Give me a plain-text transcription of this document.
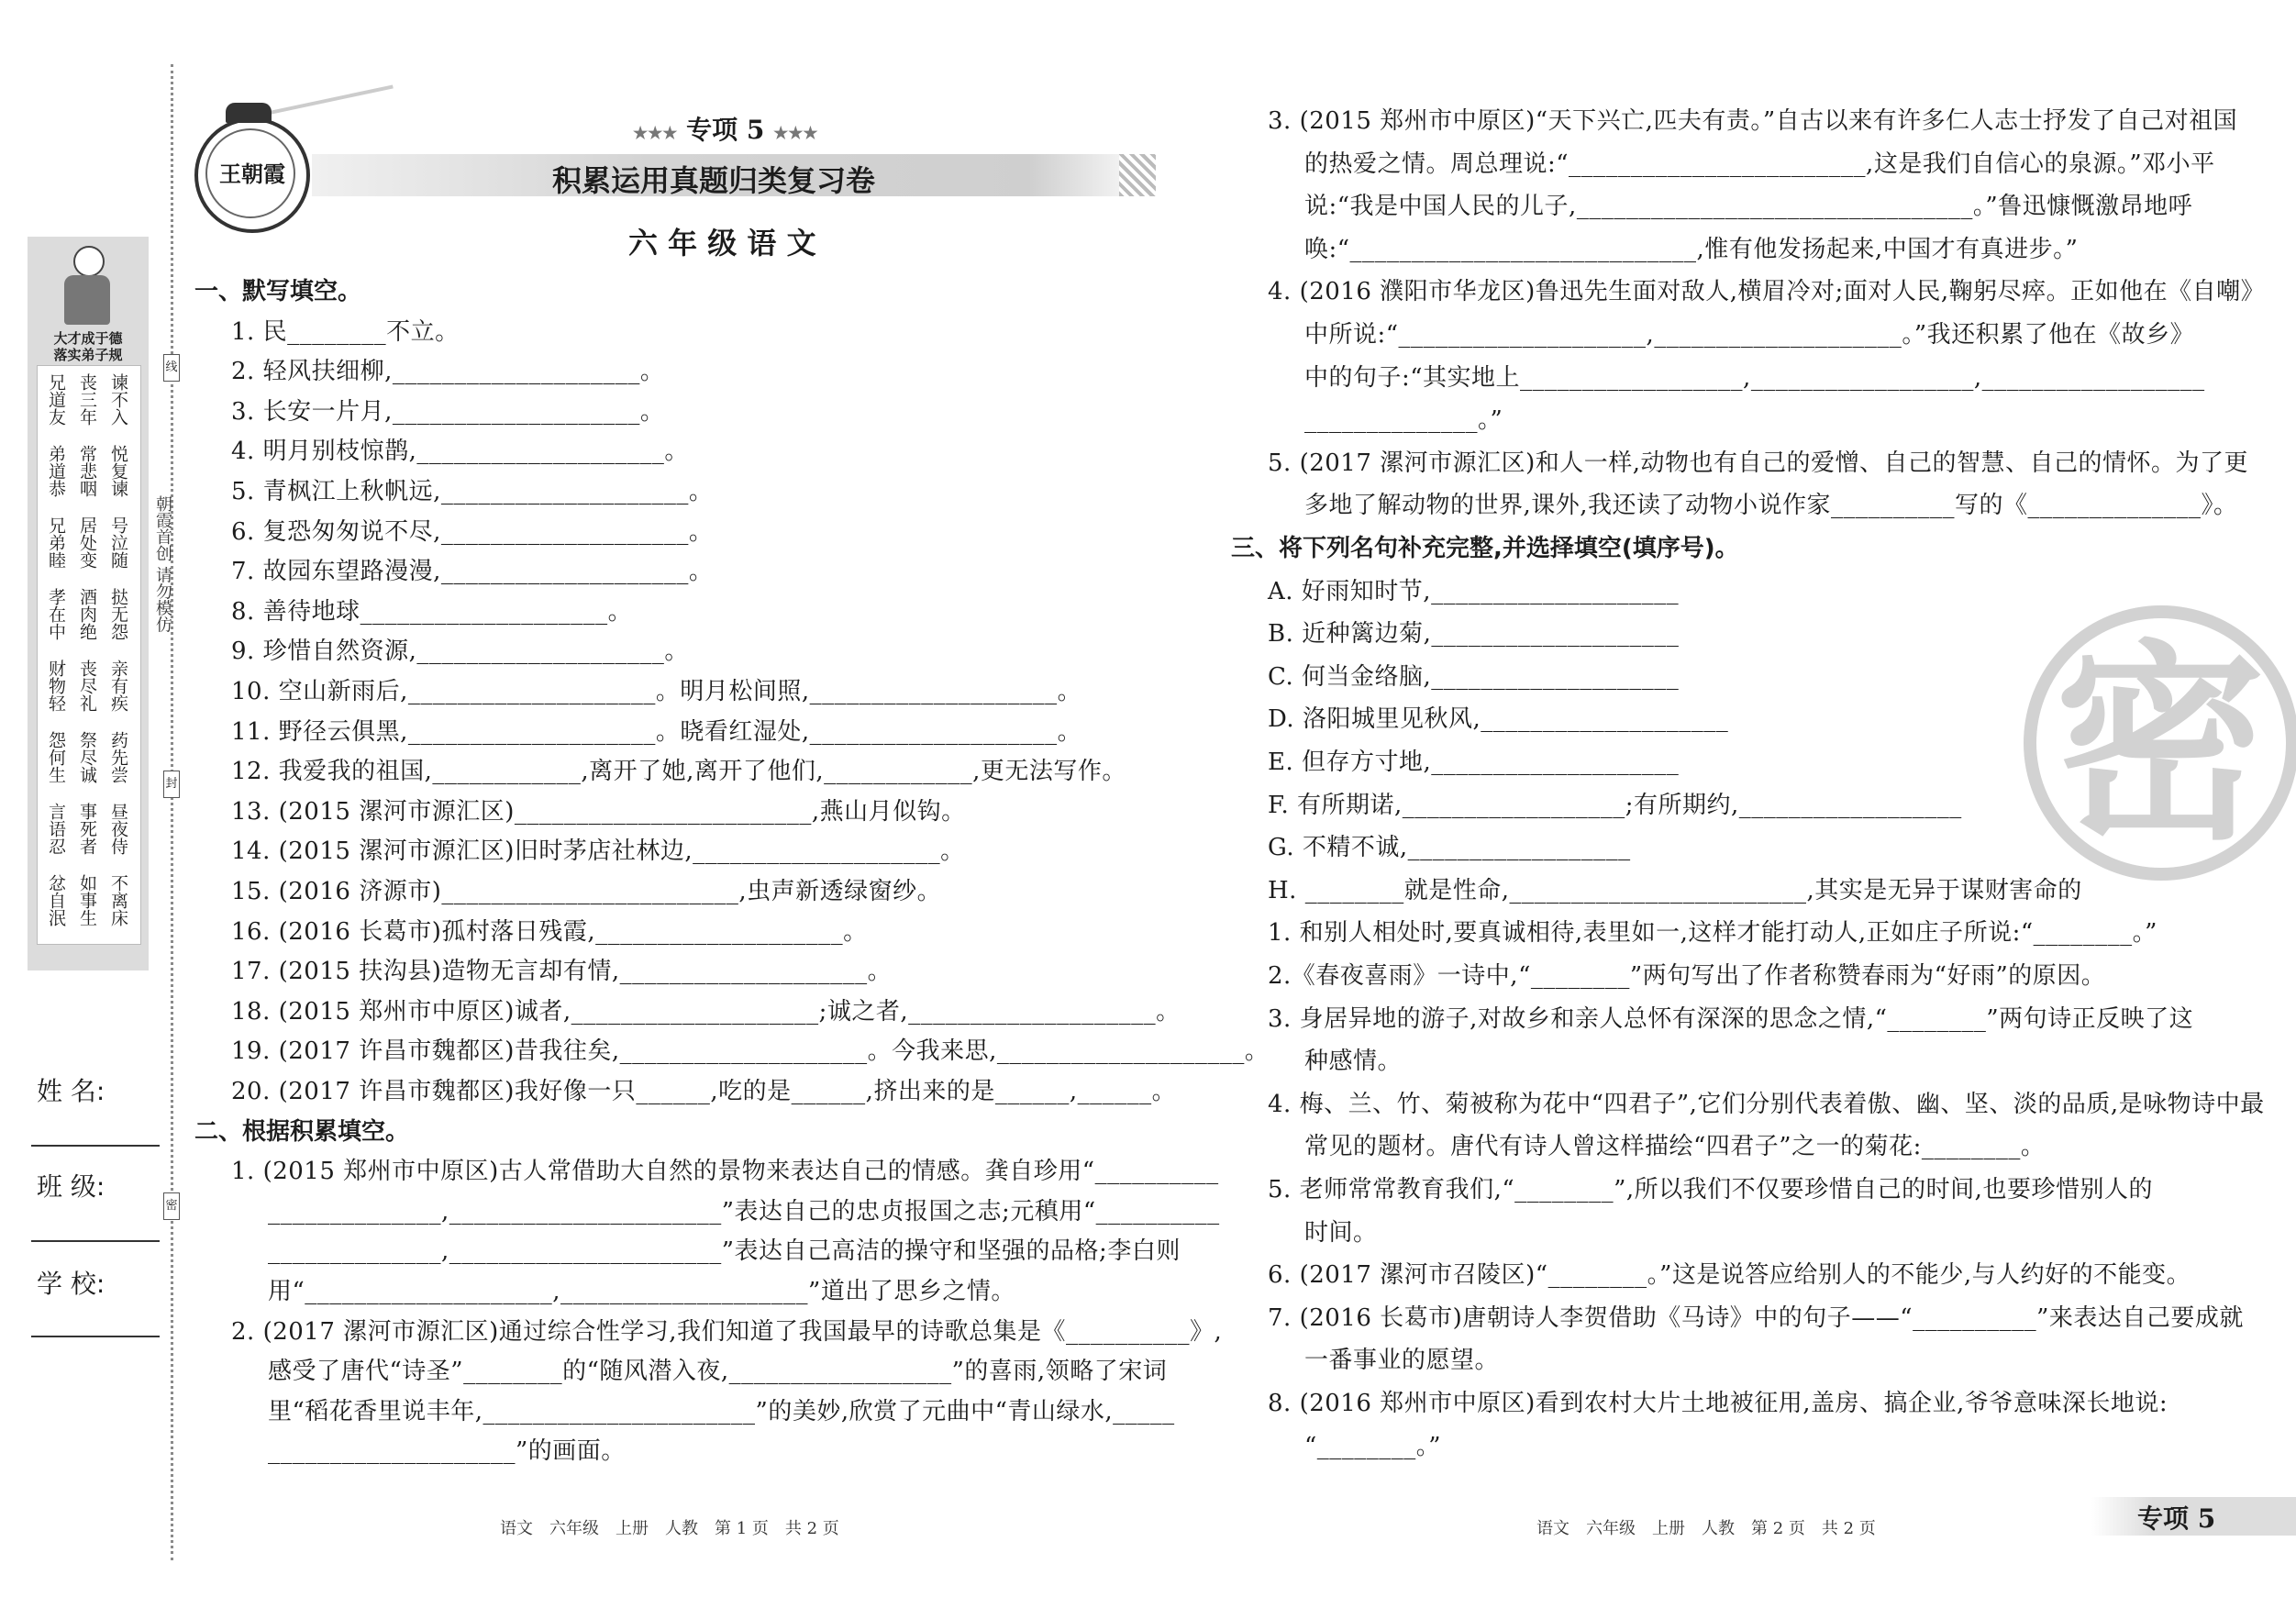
王朝霞
★★★ 专项 5 ★★★
积累运用真题归类复习卷
六 年 级 语 文
大才成于德
落实弟子规
兄道友 丧三年 谏不入
弟道恭 常悲咽 悦复谏
兄弟睦 居处变 号泣随
孝在中 酒肉绝 挞无怨
财物轻 丧尽礼 亲有疾
怨何生 祭尽诚 药先尝
言语忍 事死者 昼夜侍
忿自泯 如事生 不离床
朝霞首创 请勿模仿
线
封
密
姓 名:
班 级:
学 校:
一、默写填空。
1. 民________不立。
2. 轻风扶细柳,____________________。
3. 长安一片月,____________________。
4. 明月别枝惊鹊,____________________。
5. 青枫江上秋帆远,____________________。
6. 复恐匆匆说不尽,____________________。
7. 故园东望路漫漫,____________________。
8. 善待地球____________________。
9. 珍惜自然资源,____________________。
10. 空山新雨后,____________________。明月松间照,____________________。
11. 野径云俱黑,____________________。晓看红湿处,____________________。
12. 我爱我的祖国,____________,离开了她,离开了他们,____________,更无法写作。
13. (2015 漯河市源汇区)________________________,燕山月似钩。
14. (2015 漯河市源汇区)旧时茅店社林边,____________________。
15. (2016 济源市)________________________,虫声新透绿窗纱。
16. (2016 长葛市)孤村落日残霞,____________________。
17. (2015 扶沟县)造物无言却有情,____________________。
18. (2015 郑州市中原区)诚者,____________________;诚之者,____________________。
19. (2017 许昌市魏都区)昔我往矣,____________________。今我来思,____________________。
20. (2017 许昌市魏都区)我好像一只______,吃的是______,挤出来的是______,______。
二、根据积累填空。
1. (2015 郑州市中原区)古人常借助大自然的景物来表达自己的情感。龚自珍用“__________
______________,______________________”表达自己的忠贞报国之志;元稹用“__________
______________,______________________”表达自己高洁的操守和坚强的品格;李白则
用“____________________,____________________”道出了思乡之情。
2. (2017 漯河市源汇区)通过综合性学习,我们知道了我国最早的诗歌总集是《__________》,
感受了唐代“诗圣”________的“随风潜入夜,__________________”的喜雨,领略了宋词
里“稻花香里说丰年,______________________”的美妙,欣赏了元曲中“青山绿水,_____
____________________”的画面。
3. (2015 郑州市中原区)“天下兴亡,匹夫有责。”自古以来有许多仁人志士抒发了自己对祖国
的热爱之情。周总理说:“________________________,这是我们自信心的泉源。”邓小平
说:“我是中国人民的儿子,________________________________。”鲁迅慷慨激昂地呼
唤:“____________________________,惟有他发扬起来,中国才有真进步。”
4. (2016 濮阳市华龙区)鲁迅先生面对敌人,横眉冷对;面对人民,鞠躬尽瘁。正如他在《自嘲》
中所说:“____________________,____________________。”我还积累了他在《故乡》
中的句子:“其实地上__________________,__________________,__________________
______________。”
5. (2017 漯河市源汇区)和人一样,动物也有自己的爱憎、自己的智慧、自己的情怀。为了更
多地了解动物的世界,课外,我还读了动物小说作家__________写的《______________》。
三、将下列名句补充完整,并选择填空(填序号)。
A. 好雨知时节,____________________
B. 近种篱边菊,____________________
C. 何当金络脑,____________________
D. 洛阳城里见秋风,____________________
E. 但存方寸地,____________________
F. 有所期诺,__________________;有所期约,__________________
G. 不精不诚,__________________
H. ________就是性命,________________________,其实是无异于谋财害命的
1. 和别人相处时,要真诚相待,表里如一,这样才能打动人,正如庄子所说:“________。”
2.《春夜喜雨》一诗中,“________”两句写出了作者称赞春雨为“好雨”的原因。
3. 身居异地的游子,对故乡和亲人总怀有深深的思念之情,“________”两句诗正反映了这
种感情。
4. 梅、兰、竹、菊被称为花中“四君子”,它们分别代表着傲、幽、坚、淡的品质,是咏物诗中最
常见的题材。唐代有诗人曾这样描绘“四君子”之一的菊花:________。
5. 老师常常教育我们,“________”,所以我们不仅要珍惜自己的时间,也要珍惜别人的
时间。
6. (2017 漯河市召陵区)“________。”这是说答应给别人的不能少,与人约好的不能变。
7. (2016 长葛市)唐朝诗人李贺借助《马诗》中的句子——“__________”来表达自己要成就
一番事业的愿望。
8. (2016 郑州市中原区)看到农村大片土地被征用,盖房、搞企业,爷爷意味深长地说:
“________。”
密
语文　六年级　上册　人教　第 1 页　共 2 页	语文　六年级　上册　人教　第 2 页　共 2 页	专项 5
